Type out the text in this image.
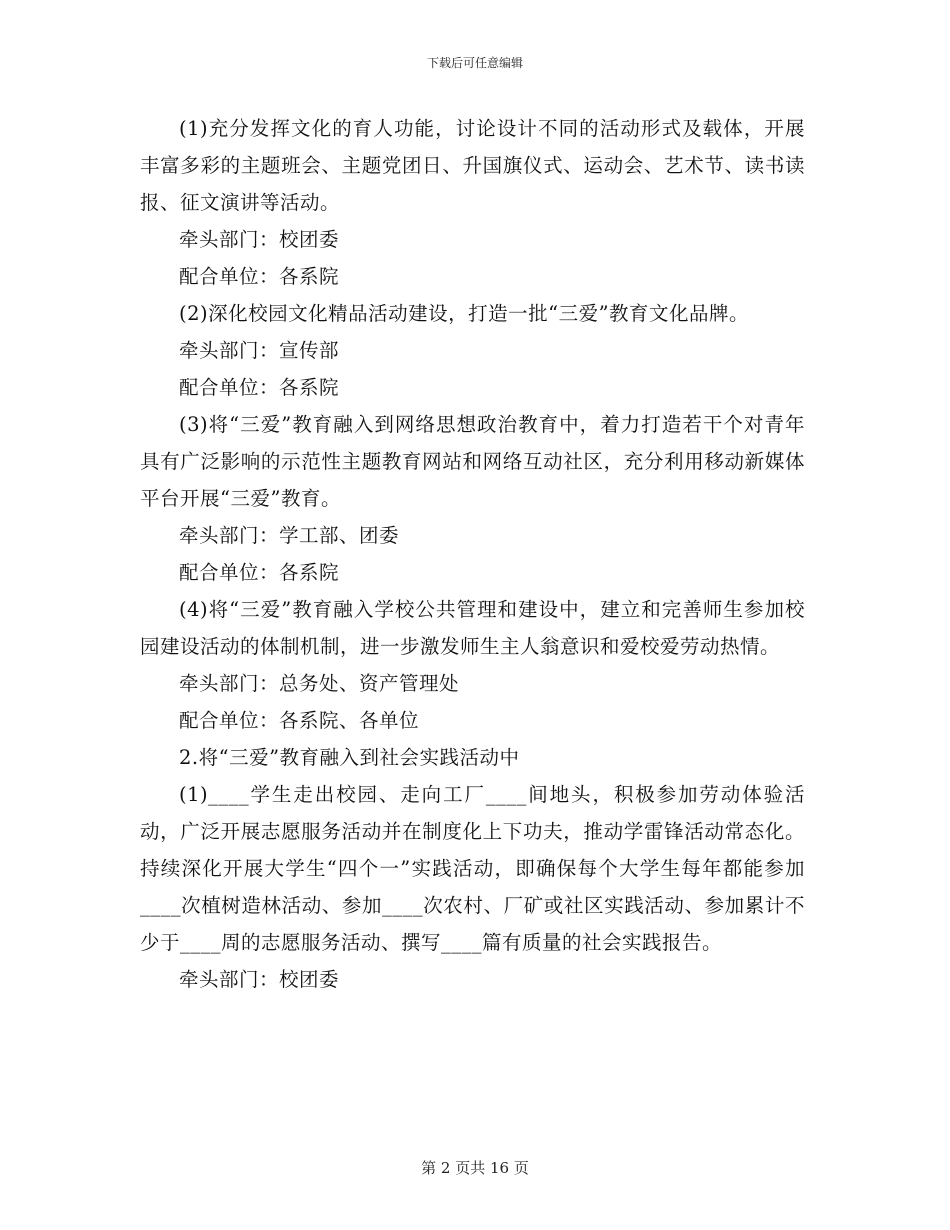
下载后可任意编辑

(1)充分发挥文化的育人功能，讨论设计不同的活动形式及载体，开展丰富多彩的主题班会、主题党团日、升国旗仪式、运动会、艺术节、读书读报、征文演讲等活动。

牵头部门：校团委

配合单位：各系院

(2)深化校园文化精品活动建设，打造一批“三爱”教育文化品牌。

牵头部门：宣传部

配合单位：各系院

(3)将“三爱”教育融入到网络思想政治教育中，着力打造若干个对青年具有广泛影响的示范性主题教育网站和网络互动社区，充分利用移动新媒体平台开展“三爱”教育。

牵头部门：学工部、团委

配合单位：各系院

(4)将“三爱”教育融入学校公共管理和建设中，建立和完善师生参加校园建设活动的体制机制，进一步激发师生主人翁意识和爱校爱劳动热情。

牵头部门：总务处、资产管理处

配合单位：各系院、各单位

2.将“三爱”教育融入到社会实践活动中

(1)____学生走出校园、走向工厂____间地头，积极参加劳动体验活动，广泛开展志愿服务活动并在制度化上下功夫，推动学雷锋活动常态化。持续深化开展大学生“四个一”实践活动，即确保每个大学生每年都能参加____次植树造林活动、参加____次农村、厂矿或社区实践活动、参加累计不少于____周的志愿服务活动、撰写____篇有质量的社会实践报告。

牵头部门：校团委

第 2 页共 16 页
